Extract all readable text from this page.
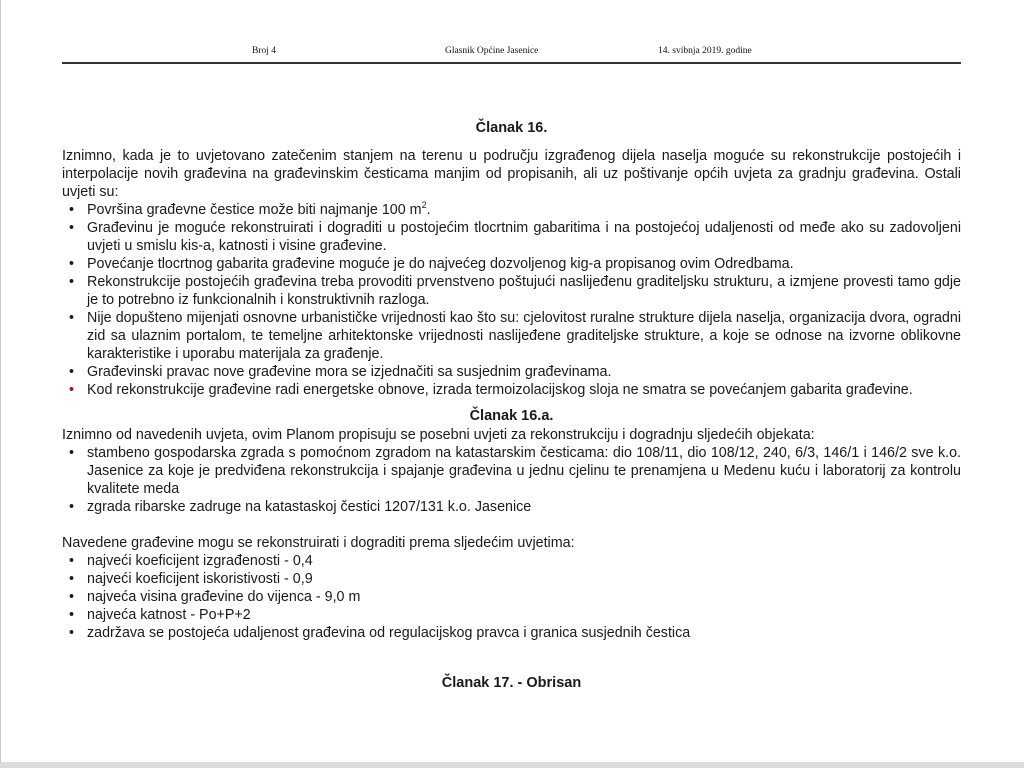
Broj 4	Glasnik Općine Jasenice	14. svibnja 2019. godine
Članak 16.

Iznimno, kada je to uvjetovano zatečenim stanjem na terenu u području izgrađenog dijela naselja moguće su rekonstrukcije postojećih i interpolacije novih građevina na građevinskim česticama manjim od propisanih, ali uz poštivanje općih uvjeta za gradnju građevina. Ostali uvjeti su:

• Površina građevne čestice može biti najmanje 100 $m^2$.
• Građevinu je moguće rekonstruirati i dograditi u postojećim tlocrtnim gabaritima i na postojećoj udaljenosti od međe ako su zadovoljeni uvjeti u smislu kis-a, katnosti i visine građevine.
• Povećanje tlocrtnog gabarita građevine moguće je do najvećeg dozvoljenog kig-a propisanog ovim Odredbama.
• Rekonstrukcije postojećih građevina treba provoditi prvenstveno poštujući naslijeđenu graditeljsku strukturu, a izmjene provesti tamo gdje je to potrebno iz funkcionalnih i konstruktivnih razloga.
• Nije dopušteno mijenjati osnovne urbanističke vrijednosti kao što su: cjelovitost ruralne strukture dijela naselja, organizacija dvora, ogradni zid sa ulaznim portalom, te temeljne arhitektonske vrijednosti naslijeđene graditeljske strukture, a koje se odnose na izvorne oblikovne karakteristike i uporabu materijala za građenje.
• Građevinski pravac nove građevine mora se izjednačiti sa susjednim građevinama.
• Kod rekonstrukcije građevine radi energetske obnove, izrada termoizolacijskog sloja ne smatra se povećanjem gabarita građevine.
Članak 16.a.

Iznimno od navedenih uvjeta, ovim Planom propisuju se posebni uvjeti za rekonstrukciju i dogradnju sljedećih objekata:

• stambeno gospodarska zgrada s pomoćnom zgradom na katastarskim česticama: dio 108/11, dio 108/12, 240, 6/3, 146/1 i 146/2 sve k.o. Jasenice za koje je predviđena rekonstrukcija i spajanje građevina u jednu cjelinu te prenamjena u Medenu kuću i laboratorij za kontrolu kvalitete meda
• zgrada ribarske zadruge na katastaskoj čestici 1207/131 k.o. Jasenice

Navedene građevine mogu se rekonstruirati i dograditi prema sljedećim uvjetima:

• najveći koeficijent izgrađenosti - 0,4
• najveći koeficijent iskoristivosti - 0,9
• najveća visina građevine do vijenca - 9,0 m
• najveća katnost - Po+P+2
• zadržava se postojeća udaljenost građevina od regulacijskog pravca i granica susjednih čestica
Članak 17. - Obrisan
